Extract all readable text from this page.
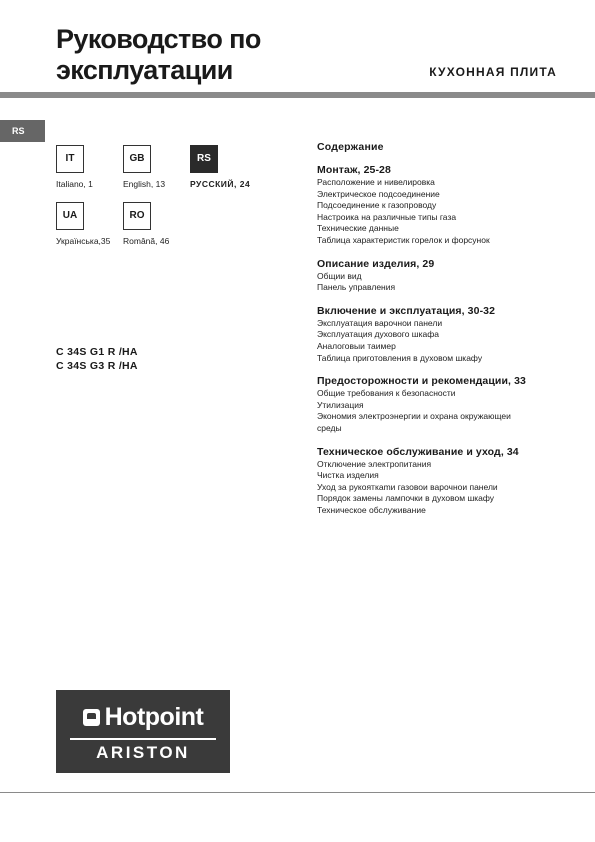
Руководство по
эксплуатации	КУХОННАЯ ПЛИТА
RS
IT
Italiano, 1
GB
English, 13
RS
РУССКИЙ, 24
UA
Українська,35
RO
Română, 46
C 34S G1 R /HA
C 34S G3 R /HA
Содержание
Монтаж, 25-28
Расположение и нивелировка
Электрическое подсоединение
Подсоединение к газопроводу
Настроика на различные типы газа
Технические данные
Таблица характеристик горелок и форсунок
Описание изделия, 29
Общии вид
Панель управления
Включение и эксплуатация, 30-32
Эксплуатация варочнои панели
Эксплуатация духового шкафа
Аналоговыи таимер
Таблица приготовления в духовом шкафу
Предосторожности и рекомендации, 33
Общие требования к безопасности
Утилизация
Экономия электроэнергии и охрана окружающеи
среды
Техническое обслуживание и уход, 34
Отключение электропитания
Чистка изделия
Уход за рукояткаmи газовои варочнои панели
Порядок замены лампочки в духовом шкафу
Техническое обслуживание
Hotpoint
ARISTON
